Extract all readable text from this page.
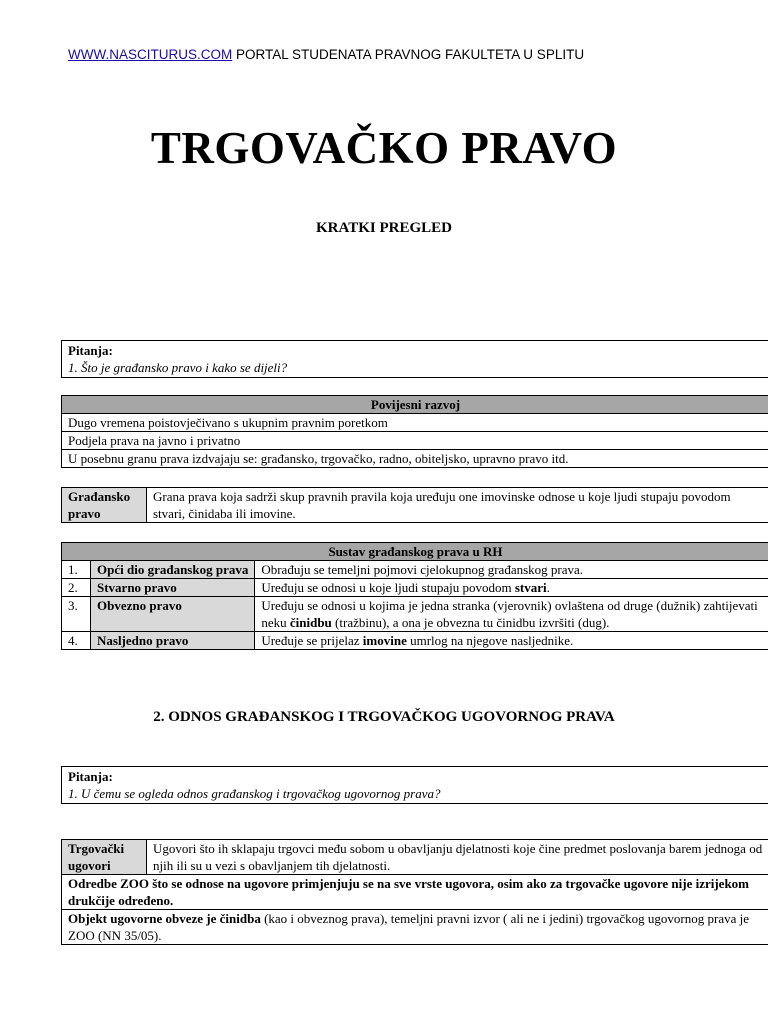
WWW.NASCITURUS.COM PORTAL STUDENATA PRAVNOG FAKULTETA U SPLITU
TRGOVAČKO PRAVO
KRATKI PREGLED
Pitanja:
1. Što je građansko pravo i kako se dijeli?
Povijesni razvoj
Dugo vremena poistovječivano s ukupnim pravnim poretkom
Podjela prava na javno i privatno
U posebnu granu prava izdvajaju se: građansko, trgovačko, radno, obiteljsko, upravno pravo itd.
Građansko pravo	Grana prava koja sadrži skup pravnih pravila koja uređuju one imovinske odnose u koje ljudi stupaju povodom stvari, činidaba ili imovine.
Sustav građanskog prava u RH		
1.	Opći dio građanskog prava	Obrađuju se temeljni pojmovi cjelokupnog građanskog prava.
2.	Stvarno pravo	Uređuju se odnosi u koje ljudi stupaju povodom stvari.
3.	Obvezno pravo	Uređuju se odnosi u kojima je jedna stranka (vjerovnik) ovlaštena od druge (dužnik) zahtijevati neku činidbu (tražbinu), a ona je obvezna tu činidbu izvršiti (dug).
4.	Nasljedno pravo	Uređuje se prijelaz imovine umrlog na njegove nasljednike.
2. ODNOS GRAĐANSKOG I TRGOVAČKOG UGOVORNOG PRAVA
Pitanja:
1. U čemu se ogleda odnos građanskog i trgovačkog ugovornog prava?
Trgovački ugovori	Ugovori što ih sklapaju trgovci među sobom u obavljanju djelatnosti koje čine predmet poslovanja barem jednoga od njih ili su u vezi s obavljanjem tih djelatnosti.
Odredbe ZOO što se odnose na ugovore primjenjuju se na sve vrste ugovora, osim ako za trgovačke ugovore nije izrijekom drukčije određeno.
Objekt ugovorne obveze je činidba (kao i obveznog prava), temeljni pravni izvor ( ali ne i jedini) trgovačkog ugovornog prava je ZOO (NN 35/05).
